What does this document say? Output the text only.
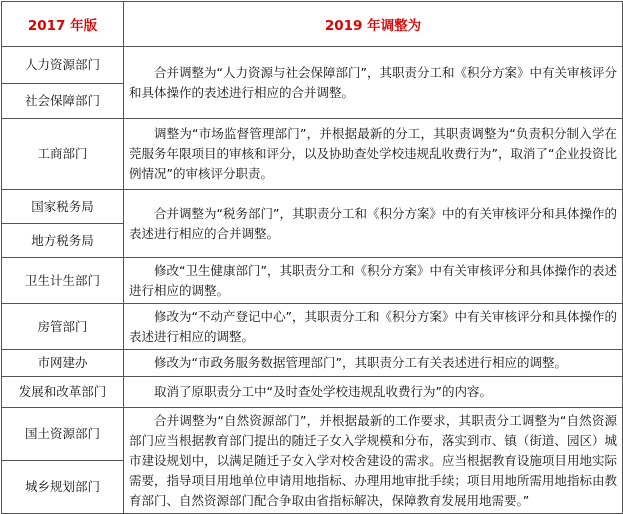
2017 年版	2019 年调整为
人力资源部门	合并调整为“人力资源与社会保障部门”，其职责分工和《积分方案》中有关审核评分和具体操作的表述进行相应的合并调整。
社会保障部门	
工商部门	调整为“市场监督管理部门”，并根据最新的分工，其职责调整为“负责积分制入学在莞服务年限项目的审核和评分，以及协助查处学校违规乱收费行为”，取消了“企业投资比例情况”的审核评分职责。
国家税务局	合并调整为“税务部门”，其职责分工和《积分方案》中的有关审核评分和具体操作的表述进行相应的合并调整。
地方税务局	
卫生计生部门	修改“卫生健康部门”，其职责分工和《积分方案》中有关审核评分和具体操作的表述进行相应的调整。
房管部门	修改为“不动产登记中心”，其职责分工和《积分方案》中有关审核评分和具体操作的表述进行相应的调整。
市网建办	修改为“市政务服务数据管理部门”，其职责分工有关表述进行相应的调整。
发展和改革部门	取消了原职责分工中“及时查处学校违规乱收费行为”的内容。
国土资源部门	合并调整为“自然资源部门”，并根据最新的工作要求，其职责分工调整为“自然资源部门应当根据教育部门提出的随迁子女入学规模和分布，落实到市、镇（街道、园区）城市建设规划中，以满足随迁子女入学对校舍建设的需求。应当根据教育设施项目用地实际需要，指导项目用地单位申请用地指标、办理用地审批手续；项目用地所需用地指标由教育部门、自然资源部门配合争取由省指标解决，保障教育发展用地需要。”
城乡规划部门	
